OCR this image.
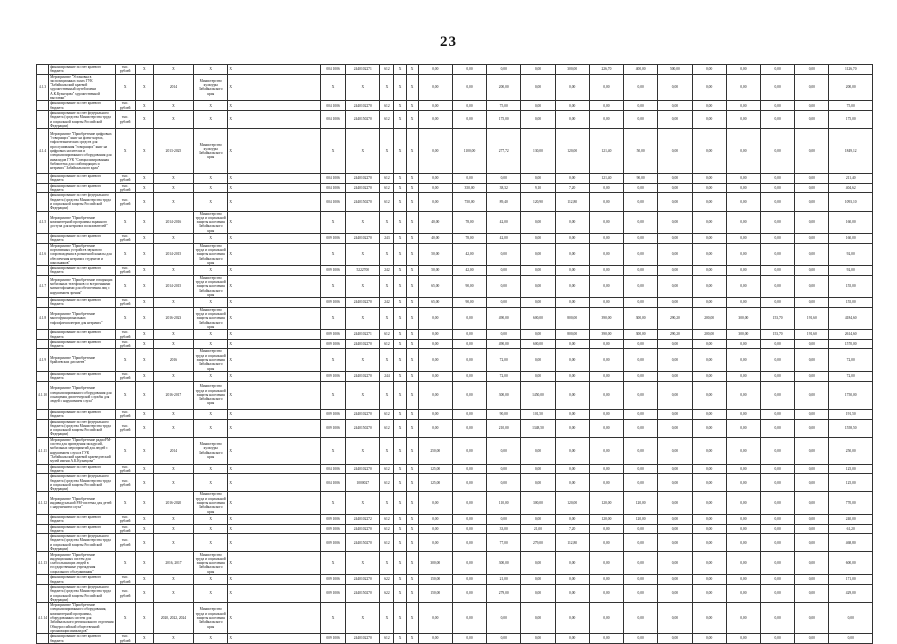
23
	финансирование за счет краевого бюджета	тыс. рублей	X	X	X	X	004 1006	2440102271	612	X	X	0,00	0,00	0,00	0,00	300,00	226,70	400,00	500,00	0,00	0,00	0,00	0,00	1126,70
4.1.3	Мероприятие "Установка в экспозиционных залах ГУК "Забайкальский краевой художественный музей имени А.К.Кузнецова" художественной выставки"	X	X	2014	Министерство культуры Забайкальского края	X	X	X	X	X	X	0,00	0,00	200,00	0,00	0,00	0,00	0,00	0,00	0,00	0,00	0,00	0,00	200,00
	финансирование за счет краевого бюджета	тыс. рублей	X	X	X	X	004 1006	2440102270	612	X	X	0,00	0,00	75,00	0,00	0,00	0,00	0,00	0,00	0,00	0,00	0,00	0,00	75,00
	финансирование за счет федерального бюджета (средства Министерства труда и социальной защиты Российской Федерации)	тыс. рублей	X	X	X	X	004 1006	2440150270	612	X	X	0,00	0,00	175,00	0,00	0,00	0,00	0,00	0,00	0,00	0,00	0,00	0,00	175,00
4.1.4	Мероприятие "Приобретение цифровых "говорящих" книг на флеш-картах, тифлотехнических средств для прослушивания "говорящих" книг на цифровых носителях и специализированного оборудования для инвалидов ГУК "Специализированная библиотека для слабовидящих и незрячих" Забайкальского края"	X	X	2013-2025	Министерство культуры Забайкальского края	X	X	X	X	X	X	0,00	1100,00	277,72	130,00	120,00	121,40	50,00	0,00	0,00	0,00	0,00	0,00	1849,12
	финансирование за счет краевого бюджета	тыс. рублей	X	X	X	X	004 1006	2440102270	612	X	X	0,00	0,00	0,00	0,00	0,00	121,40	90,00	0,00	0,00	0,00	0,00	0,00	211,40
	финансирование за счет краевого бюджета	тыс. рублей	X	X	X	X	004 1006	2440102270	612	X	X	0,00	350,00	38,32	9,10	7,20	0,00	0,00	0,00	0,00	0,00	0,00	0,00	404,62
	финансирование за счет федерального бюджета (средства Министерства труда и социальной защиты Российской Федерации)	тыс. рублей	X	X	X	X	004 1006	2440150270	612	X	X	0,00	750,00	89,40	120,90	112,80	0,00	0,00	0,00	0,00	0,00	0,00	0,00	1093,10
4.1.5	Мероприятие "Приобретение компьютерной программы экранного доступа для незрячих пользователей"	X	X	2014-2016	Министерство труда и социальной защиты населения Забайкальского края	X	X	X	X	X	X	40,00	78,00	42,00	0,00	0,00	0,00	0,00	0,00	0,00	0,00	0,00	0,00	160,00
	финансирование за счет краевого бюджета	тыс. рублей	X	X	X	X	009 1006	2440102270	243	X	X	40,00	78,00	42,00	0,00	0,00	0,00	0,00	0,00	0,00	0,00	0,00	0,00	160,00
4.1.6	Мероприятие "Приобретение портативных устройств звукового сопровождения в розничной каналы для обеспечения незрячих студентов и школьников"	X	X	2014-2015	Министерство труда и социальной защиты населения Забайкальского края	X	X	X	X	X	X	50,00	42,00	0,00	0,00	0,00	0,00	0,00	0,00	0,00	0,00	0,00	0,00	92,00
	финансирование за счет краевого бюджета	тыс. рублей	X	X	X	X	009 1006	5222700	242	X	X	50,00	42,00	0,00	0,00	0,00	0,00	0,00	0,00	0,00	0,00	0,00	0,00	92,00
4.1.7	Мероприятие "Приобретение говорящих мобильных телефонов со встроенными магнитофонами для обеспечения лиц с нарушением зрения"	X	X	2014-2015	Министерство труда и социальной защиты населения Забайкальского края	X	X	X	X	X	X	65,00	90,00	0,00	0,00	0,00	0,00	0,00	0,00	0,00	0,00	0,00	0,00	155,00
	финансирование за счет краевого бюджета	тыс. рублей	X	X	X	X	009 1006	2440102270	242	X	X	65,00	90,00	0,00	0,00	0,00	0,00	0,00	0,00	0,00	0,00	0,00	0,00	155,00
4.1.8	Мероприятие "Приобретение многофункциональных тифлофлешплееров для незрячих"	X	X	2016-2023	Министерство труда и социальной защиты населения Забайкальского края	X	X	X	X	X	X	0,00	0,00	490,00	600,00	800,00	390,00	300,00	290,20	200,00	300,00	153,70	191,60	4184,60
	финансирование за счет краевого бюджета	тыс. рублей	X	X	X	X	009 1006	2440102271	612	X	X	0,00	0,00	0,00	0,00	800,00	390,00	300,00	290,20	200,00	300,00	153,70	191,60	2614,60
	финансирование за счет краевого бюджета	тыс. рублей	X	X	X	X	009 1006	2440102270	612	X	X	0,00	0,00	490,00	600,00	0,00	0,00	0,00	0,00	0,00	0,00	0,00	0,00	1570,00
4.1.9	Мероприятие "Приобретение брайлевских дисплеев"	X	X	2016	Министерство труда и социальной защиты населения Забайкальского края	X	X	X	X	X	X	0,00	0,00	72,00	0,00	0,00	0,00	0,00	0,00	0,00	0,00	0,00	0,00	72,00
	финансирование за счет краевого бюджета	тыс. рублей	X	X	X	X	009 1006	2440102270	244	X	X	0,00	0,00	72,00	0,00	0,00	0,00	0,00	0,00	0,00	0,00	0,00	0,00	72,00
4.1.10	Мероприятие "Приобретение специализированного оборудования для оснащения диспетчерской службы для людей с нарушением слуха"	X	X	2016-2017	Министерство труда и социальной защиты населения Забайкальского края	X	X	X	X	X	X	0,00	0,00	300,00	1450,00	0,00	0,00	0,00	0,00	0,00	0,00	0,00	0,00	1750,00
	финансирование за счет краевого бюджета	тыс. рублей	X	X	X	X	009 1006	2440102270	612	X	X	0,00	0,00	90,00	101,50	0,00	0,00	0,00	0,00	0,00	0,00	0,00	0,00	191,50
	финансирование за счет федерального бюджета (средства Министерства труда и социальной защиты Российской Федерации)	тыс. рублей	X	X	X	X	009 1006	2440150270	612	X	X	0,00	0,00	210,00	1348,50	0,00	0,00	0,00	0,00	0,00	0,00	0,00	0,00	1558,50
4.1.11	Мероприятие "Приобретение радиоFM-систем для проведения экскурсий, мобильных мероприятий для людей с нарушением слуха в ГУК "Забайкальский краевой краеведческий музей имени А.К.Кузнецова"	X	X	2014	Министерство культуры Забайкальского края	X	X	X	X	X	X	250,00	0,00	0,00	0,00	0,00	0,00	0,00	0,00	0,00	0,00	0,00	0,00	250,00
	финансирование за счет краевого бюджета	тыс. рублей	X	X	X	X	004 1006	2440102270	612	X	X	125,00	0,00	0,00	0,00	0,00	0,00	0,00	0,00	0,00	0,00	0,00	0,00	125,00
	финансирование за счет федерального бюджета (средства Министерства труда и социальной защиты Российской Федерации)	тыс. рублей	X	X	X	X	004 1006	1000027	612	X	X	125,00	0,00	0,00	0,00	0,00	0,00	0,00	0,00	0,00	0,00	0,00	0,00	125,00
4.1.12	Мероприятие "Приобретение индивидуальной FM-системы для детей с нарушением слуха"	X	X	2016-2020	Министерство труда и социальной защиты населения Забайкальского края	X	X	X	X	X	X	0,00	0,00	110,00	300,00	120,00	120,00	120,00	0,00	0,00	0,00	0,00	0,00	770,00
	финансирование за счет краевого бюджета	тыс. рублей	X	X	X	X	009 1006	2440102272	612	X	X	0,00	0,00	0,00	0,00	0,00	120,00	120,00	0,00	0,00	0,00	0,00	0,00	240,00
	финансирование за счет краевого бюджета	тыс. рублей	X	X	X	X	009 1006	2440102270	612	X	X	0,00	0,00	33,00	21,00	7,20	0,00	0,00	0,00	0,00	0,00	0,00	0,00	61,20
	финансирование за счет федерального бюджета (средства Министерства труда и социальной защиты Российской Федерации)	тыс. рублей	X	X	X	X	009 1006	2440150270	612	X	X	0,00	0,00	77,00	279,00	112,80	0,00	0,00	0,00	0,00	0,00	0,00	0,00	468,80
4.1.13	Мероприятие "Приобретение индукционных систем для слабослышащих людей в государственные учреждения социального обслуживания"	X	X	2016, 2017	Министерство труда и социальной защиты населения Забайкальского края	X	X	X	X	X	X	300,00	0,00	300,00	0,00	0,00	0,00	0,00	0,00	0,00	0,00	0,00	0,00	600,00
	финансирование за счет краевого бюджета	тыс. рублей	X	X	X	X	009 1006	2440102270	622	X	X	150,00	0,00	21,00	0,00	0,00	0,00	0,00	0,00	0,00	0,00	0,00	0,00	171,00
	финансирование за счет федерального бюджета (средства Министерства труда и социальной защиты Российской Федерации)	тыс. рублей	X	X	X	X	009 1006	2440150270	622	X	X	150,00	0,00	279,00	0,00	0,00	0,00	0,00	0,00	0,00	0,00	0,00	0,00	429,00
4.1.14	Мероприятие "Приобретение специализированного оборудования, компьютерной программы, оборудованных систем для Забайкальского регионального отделения Общероссийской общественной организации инвалидов"	X	X	2020, 2022, 2024	Министерство труда и социальной защиты населения Забайкальского края	X	X	X	X	X	X	0,00	0,00	0,00	0,00	0,00	0,00	0,00	0,00	0,00	0,00	0,00	0,00	0,00
	финансирование за счет краевого бюджета	тыс. рублей	X	X	X	X	009 1006	2440102270	612	X	X	0,00	0,00	0,00	0,00	0,00	0,00	0,00	0,00	0,00	0,00	0,00	0,00	0,00
